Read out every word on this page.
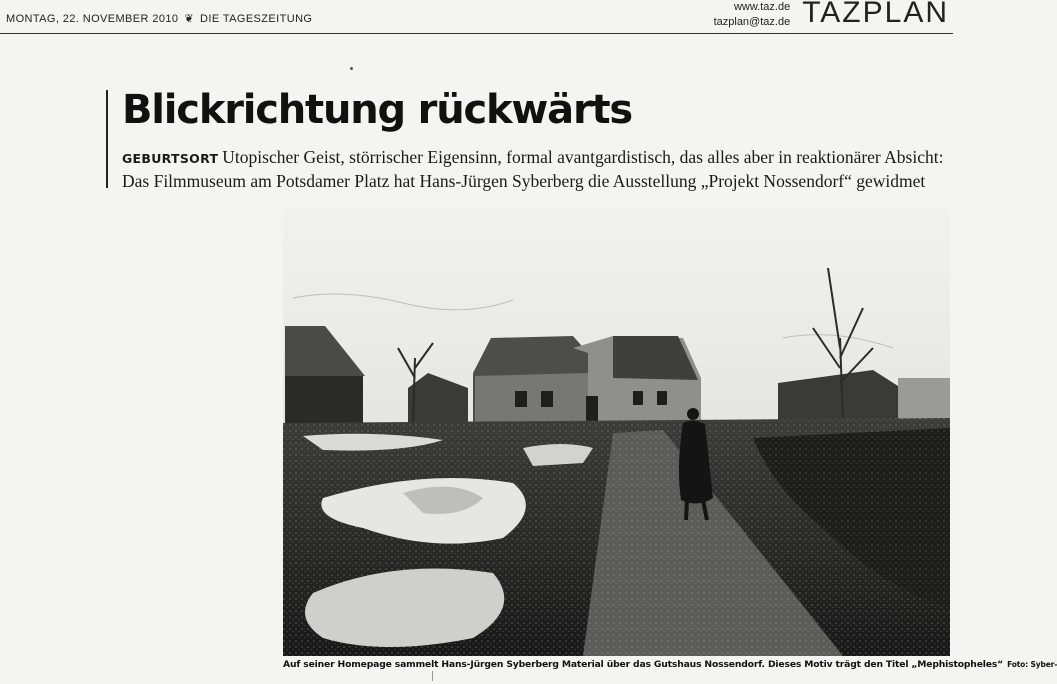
MONTAG, 22. NOVEMBER 2010 ❦ DIE TAGESZEITUNG
www.taz.de
tazplan@taz.de TAZPLAN
Blickrichtung rückwärts
GEBURTSORT Utopischer Geist, störrischer Eigensinn, formal avantgardistisch, das alles aber in reaktionärer Absicht: Das Filmmuseum am Potsdamer Platz hat Hans-Jürgen Syberberg die Ausstellung „Projekt Nossendorf“ gewidmet
Auf seiner Homepage sammelt Hans-Jürgen Syberberg Material über das Gutshaus Nossendorf. Dieses Motiv trägt den Titel „Mephistopheles“ Foto: Syber-
